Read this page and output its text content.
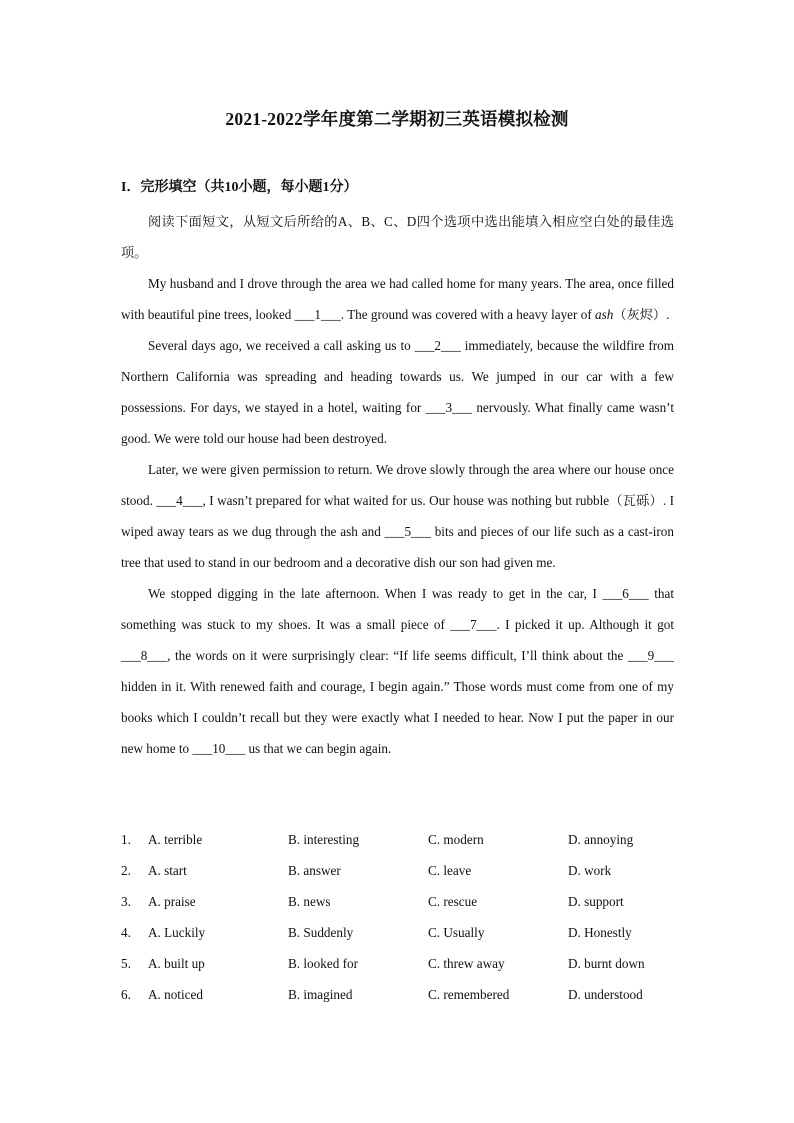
2021-2022学年度第二学期初三英语模拟检测
I．完形填空（共10小题，每小题1分）

阅读下面短文，从短文后所给的A、B、C、D四个选项中选出能填入相应空白处的最佳选项。

My husband and I drove through the area we had called home for many years. The area, once filled with beautiful pine trees, looked ___1___. The ground was covered with a heavy layer of ash（灰烬）.

Several days ago, we received a call asking us to ___2___ immediately, because the wildfire from Northern California was spreading and heading towards us. We jumped in our car with a few possessions. For days, we stayed in a hotel, waiting for ___3___ nervously. What finally came wasn’t good. We were told our house had been destroyed.

Later, we were given permission to return. We drove slowly through the area where our house once stood. ___4___, I wasn’t prepared for what waited for us. Our house was nothing but rubble（瓦砾）. I wiped away tears as we dug through the ash and ___5___ bits and pieces of our life such as a cast-iron tree that used to stand in our bedroom and a decorative dish our son had given me.

We stopped digging in the late afternoon. When I was ready to get in the car, I ___6___ that something was stuck to my shoes. It was a small piece of ___7___. I picked it up. Although it got ___8___, the words on it were surprisingly clear: “If life seems difficult, I’ll think about the ___9___ hidden in it. With renewed faith and courage, I begin again.” Those words must come from one of my books which I couldn’t recall but they were exactly what I needed to hear. Now I put the paper in our new home to ___10___ us that we can begin again.

1. A. terrible	B. interesting	C. modern	D. annoying
2. A. start	B. answer	C. leave	D. work
3. A. praise	B. news	C. rescue	D. support
4. A. Luckily	B. Suddenly	C. Usually	D. Honestly
5. A. built up	B. looked for	C. threw away	D. burnt down
6. A. noticed	B. imagined	C. remembered	D. understood
